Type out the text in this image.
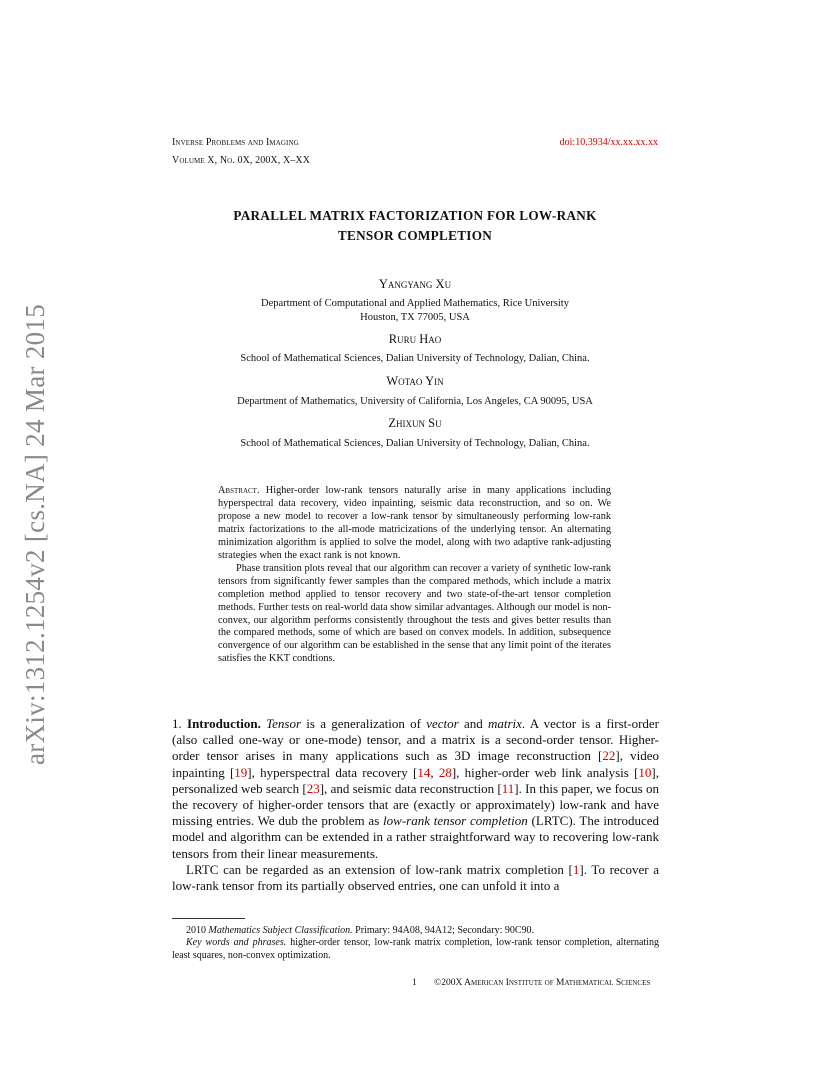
arXiv:1312.1254v2 [cs.NA] 24 Mar 2015
Inverse Problems and Imaging
Volume X, No. 0X, 200X, X–XX
doi:10.3934/xx.xx.xx.xx
PARALLEL MATRIX FACTORIZATION FOR LOW-RANK
TENSOR COMPLETION
Yangyang Xu
Department of Computational and Applied Mathematics, Rice University
Houston, TX 77005, USA
Ruru Hao
School of Mathematical Sciences, Dalian University of Technology, Dalian, China.
Wotao Yin
Department of Mathematics, University of California, Los Angeles, CA 90095, USA
Zhixun Su
School of Mathematical Sciences, Dalian University of Technology, Dalian, China.

Abstract. Higher-order low-rank tensors naturally arise in many applications including hyperspectral data recovery, video inpainting, seismic data reconstruction, and so on. We propose a new model to recover a low-rank tensor by simultaneously performing low-rank matrix factorizations to the all-mode matricizations of the underlying tensor. An alternating minimization algorithm is applied to solve the model, along with two adaptive rank-adjusting strategies when the exact rank is not known.

Phase transition plots reveal that our algorithm can recover a variety of synthetic low-rank tensors from significantly fewer samples than the compared methods, which include a matrix completion method applied to tensor recovery and two state-of-the-art tensor completion methods. Further tests on real-world data show similar advantages. Although our model is non-convex, our algorithm performs consistently throughout the tests and gives better results than the compared methods, some of which are based on convex models. In addition, subsequence convergence of our algorithm can be established in the sense that any limit point of the iterates satisfies the KKT condtions.

1. Introduction. Tensor is a generalization of vector and matrix. A vector is a first-order (also called one-way or one-mode) tensor, and a matrix is a second-order tensor. Higher-order tensor arises in many applications such as 3D image reconstruction [22], video inpainting [19], hyperspectral data recovery [14, 28], higher-order web link analysis [10], personalized web search [23], and seismic data reconstruction [11]. In this paper, we focus on the recovery of higher-order tensors that are (exactly or approximately) low-rank and have missing entries. We dub the problem as low-rank tensor completion (LRTC). The introduced model and algorithm can be extended in a rather straightforward way to recovering low-rank tensors from their linear measurements.

LRTC can be regarded as an extension of low-rank matrix completion [1]. To recover a low-rank tensor from its partially observed entries, one can unfold it into a

2010 Mathematics Subject Classification. Primary: 94A08, 94A12; Secondary: 90C90.

Key words and phrases. higher-order tensor, low-rank matrix completion, low-rank tensor completion, alternating least squares, non-convex optimization.

1 ©200X American Institute of Mathematical Sciences
